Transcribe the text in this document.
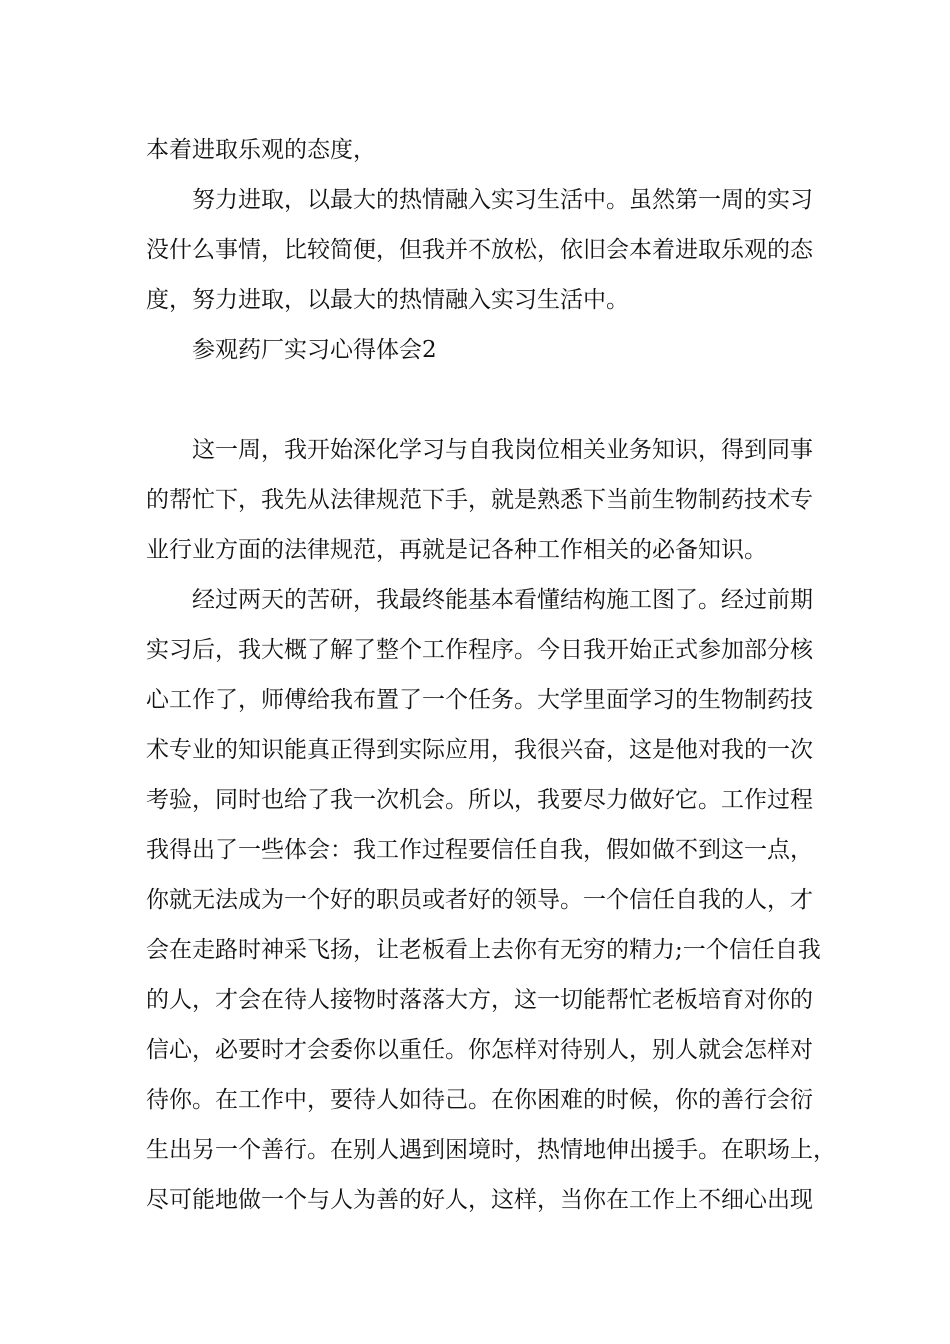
本着进取乐观的态度，

努力进取，以最大的热情融入实习生活中。虽然第一周的实习

没什么事情，比较简便，但我并不放松，依旧会本着进取乐观的态

度，努力进取，以最大的热情融入实习生活中。

参观药厂实习心得体会2

这一周，我开始深化学习与自我岗位相关业务知识，得到同事

的帮忙下，我先从法律规范下手，就是熟悉下当前生物制药技术专

业行业方面的法律规范，再就是记各种工作相关的必备知识。

经过两天的苦研，我最终能基本看懂结构施工图了。经过前期

实习后，我大概了解了整个工作程序。今日我开始正式参加部分核

心工作了，师傅给我布置了一个任务。大学里面学习的生物制药技

术专业的知识能真正得到实际应用，我很兴奋，这是他对我的一次

考验，同时也给了我一次机会。所以，我要尽力做好它。工作过程

我得出了一些体会：我工作过程要信任自我，假如做不到这一点，

你就无法成为一个好的职员或者好的领导。一个信任自我的人，才

会在走路时神采飞扬，让老板看上去你有无穷的精力;一个信任自我

的人，才会在待人接物时落落大方，这一切能帮忙老板培育对你的

信心，必要时才会委你以重任。你怎样对待别人，别人就会怎样对

待你。在工作中，要待人如待己。在你困难的时候，你的善行会衍

生出另一个善行。在别人遇到困境时，热情地伸出援手。在职场上，

尽可能地做一个与人为善的好人，这样，当你在工作上不细心出现
